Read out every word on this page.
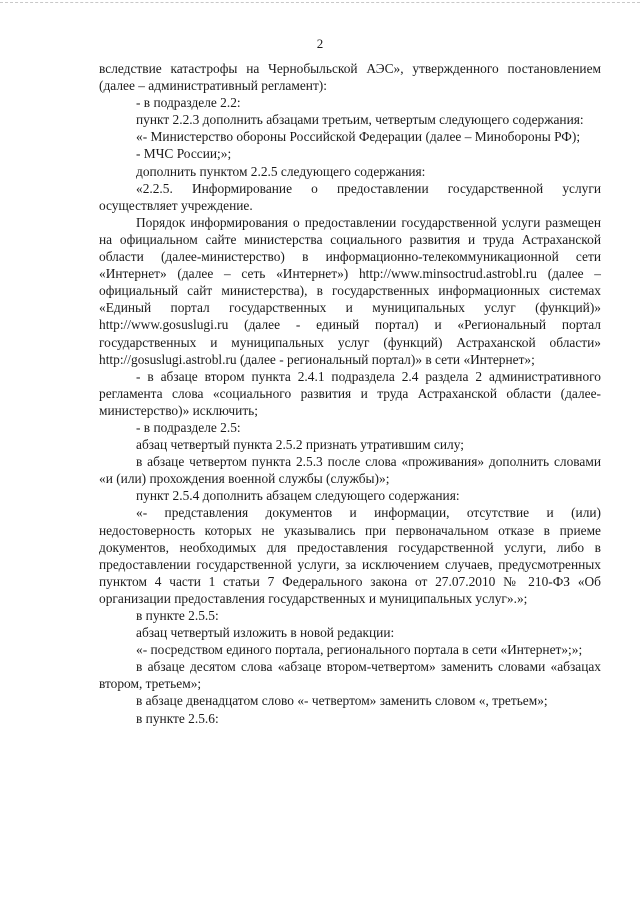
2

вследствие катастрофы на Чернобыльской АЭС», утвержденного постановлением (далее – административный регламент):

- в подразделе 2.2:

пункт 2.2.3 дополнить абзацами третьим, четвертым следующего содержания:

«- Министерство обороны Российской Федерации (далее – Минобороны РФ);

- МЧС России;»;

дополнить пунктом 2.2.5 следующего содержания:

«2.2.5. Информирование о предоставлении государственной услуги осуществляет учреждение.

Порядок информирования о предоставлении государственной услуги размещен на официальном сайте министерства социального развития и труда Астраханской области (далее-министерство) в информационно-телекоммуникационной сети «Интернет» (далее – сеть «Интернет») http://www.minsoctrud.astrobl.ru (далее – официальный сайт министерства), в государственных информационных системах «Единый портал государственных и муниципальных услуг (функций)» http://www.gosuslugi.ru (далее - единый портал) и «Региональный портал государственных и муниципальных услуг (функций) Астраханской области» http://gosuslugi.astrobl.ru (далее - региональный портал)» в сети «Интернет»;

- в абзаце втором пункта 2.4.1 подраздела 2.4 раздела 2 административного регламента слова «социального развития и труда Астраханской области (далее-министерство)» исключить;

- в подразделе 2.5:

абзац четвертый пункта 2.5.2 признать утратившим силу;

в абзаце четвертом пункта 2.5.3 после слова «проживания» дополнить словами «и (или) прохождения военной службы (службы)»;

пункт 2.5.4 дополнить абзацем следующего содержания:

«- представления документов и информации, отсутствие и (или) недостоверность которых не указывались при первоначальном отказе в приеме документов, необходимых для предоставления государственной услуги, либо в предоставлении государственной услуги, за исключением случаев, предусмотренных пунктом 4 части 1 статьи 7 Федерального закона от 27.07.2010 № 210-ФЗ «Об организации предоставления государственных и муниципальных услуг».»;

в пункте 2.5.5:

абзац четвертый изложить в новой редакции:

«- посредством единого портала, регионального портала в сети «Интернет»;»;

в абзаце десятом слова «абзаце втором-четвертом» заменить словами «абзацах втором, третьем»;

в абзаце двенадцатом слово «- четвертом» заменить словом «, третьем»;

в пункте 2.5.6:
